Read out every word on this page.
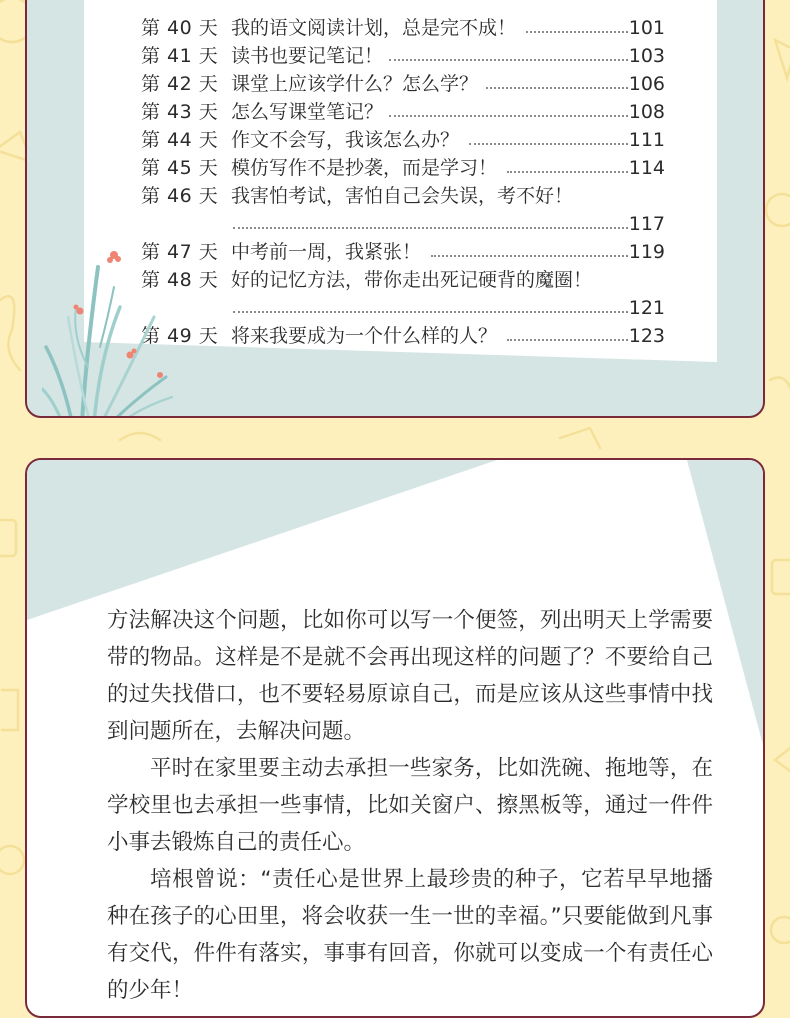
第 40 天 我的语文阅读计划，总是完不成！	101
第 41 天 读书也要记笔记！	103
第 42 天 课堂上应该学什么？怎么学？	106
第 43 天 怎么写课堂笔记？	108
第 44 天 作文不会写，我该怎么办？	111
第 45 天 模仿写作不是抄袭，而是学习！	114
第 46 天 我害怕考试，害怕自己会失误，考不好！
117
第 47 天 中考前一周，我紧张！	119
第 48 天 好的记忆方法，带你走出死记硬背的魔圈！
121
第 49 天 将来我要成为一个什么样的人？	123

方法解决这个问题，比如你可以写一个便签，列出明天上学需要带的物品。这样是不是就不会再出现这样的问题了？不要给自己的过失找借口，也不要轻易原谅自己，而是应该从这些事情中找到问题所在，去解决问题。

平时在家里要主动去承担一些家务，比如洗碗、拖地等，在学校里也去承担一些事情，比如关窗户、擦黑板等，通过一件件小事去锻炼自己的责任心。

培根曾说：“责任心是世界上最珍贵的种子，它若早早地播种在孩子的心田里，将会收获一生一世的幸福。”只要能做到凡事有交代，件件有落实，事事有回音，你就可以变成一个有责任心的少年！
